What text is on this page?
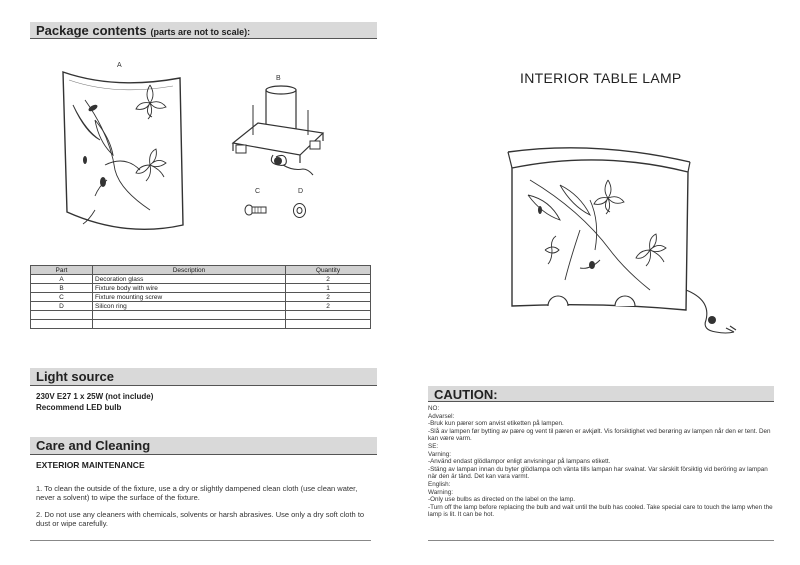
Package contents (parts are not to scale):
A
B
C	D
Part	Description	Quantity
A	Decoration glass	2
B	Fixture body with wire	1
C	Fixture mounting screw	2
D	Silicon ring	2

Light source
230V E27 1 x 25W (not include)
Recommend LED bulb
Care and Cleaning
EXTERIOR MAINTENANCE
1. To clean the outside of the fixture, use a dry or slightly dampened clean cloth (use clean water, never a solvent) to wipe the surface of the fixture.
2. Do not use any cleaners with chemicals, solvents or harsh abrasives. Use only a dry soft cloth to dust or wipe carefully.
INTERIOR TABLE LAMP
CAUTION:
NO:
Advarsel:
-Bruk kun pærer som anvist etiketten på lampen.
-Slå av lampen før bytting av pære og vent til pæren er avkjølt. Vis forsiktighet ved berøring av lampen når den er tent. Den kan være varm.
SE:
Varning:
-Använd endast glödlampor enligt anvisningar på lampans etikett.
-Stäng av lampan innan du byter glödlampa och vänta tills lampan har svalnat. Var särskilt försiktig vid beröring av lampan när den är tänd. Det kan vara varmt.
English:
Warning:
-Only use bulbs as directed on the label on the lamp.
-Turn off the lamp before replacing the bulb and wait until the bulb has cooled. Take special care to touch the lamp when the lamp is lit. It can be hot.
